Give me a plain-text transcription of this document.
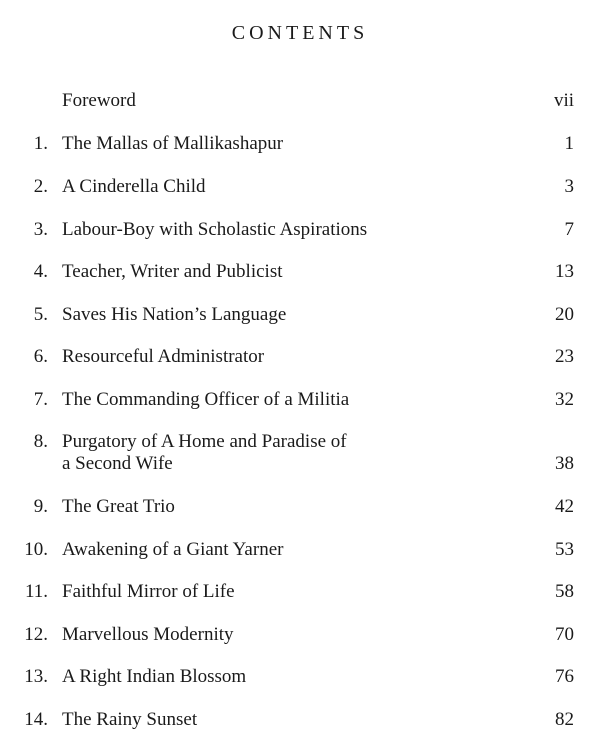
CONTENTS
Foreword	vii
1. The Mallas of Mallikashapur	1
2. A Cinderella Child	3
3. Labour-Boy with Scholastic Aspirations	7
4. Teacher, Writer and Publicist	13
5. Saves His Nation’s Language	20
6. Resourceful Administrator	23
7. The Commanding Officer of a Militia	32
8. Purgatory of A Home and Paradise of
a Second Wife	38
9. The Great Trio	42
10. Awakening of a Giant Yarner	53
11. Faithful Mirror of Life	58
12. Marvellous Modernity	70
13. A Right Indian Blossom	76
14. The Rainy Sunset	82
